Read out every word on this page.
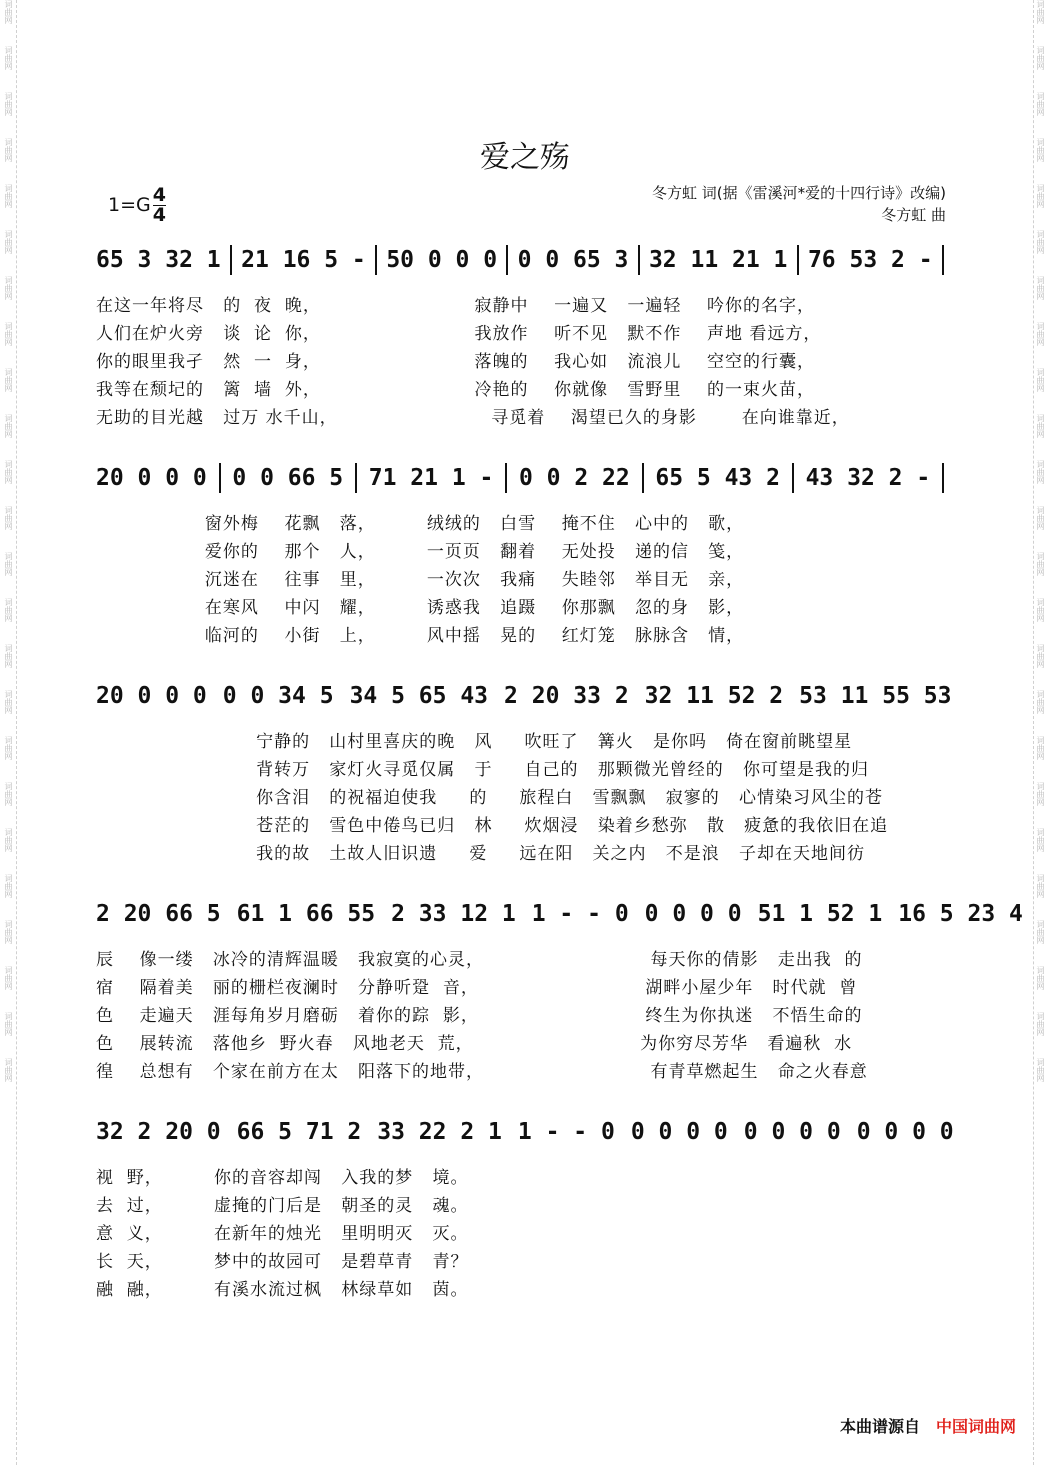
词曲网
词曲网
词曲网
词曲网
词曲网
词曲网
词曲网
词曲网
词曲网
词曲网
词曲网
词曲网
词曲网
词曲网
词曲网
词曲网
词曲网
词曲网
词曲网
词曲网
词曲网
词曲网
词曲网
词曲网
词曲网
词曲网
词曲网
词曲网
词曲网
词曲网
词曲网
词曲网
词曲网
词曲网
词曲网
词曲网
词曲网
词曲网
词曲网
词曲网
词曲网
词曲网
词曲网
词曲网
词曲网
词曲网
词曲网
词曲网
爱之殇
$1=G \frac{4}{4}$	冬方虹 词(据《雷溪河*爱的十四行诗》改编)
冬方虹 曲
65 3 32 1 21 16 5 - 50 0 0 0 0 0 65 3 32 11 21 1 76 53 2 -
在这一年将尽   的  夜  晚，                        寂静中    一遍又   一遍轻    吟你的名字，
人们在炉火旁   谈  论  你，                        我放作    听不见   默不作    声地 看远方，
你的眼里我孑   然  一  身，                        落魄的    我心如   流浪儿    空空的行囊，
我等在颓圮的   篱  墙  外，                        冷艳的    你就像   雪野里    的一束火苗，
无助的目光越   过万 水千山，                        寻觅着    渴望已久的身影       在向谁靠近，
20 0 0 0 0 0 66 5 71 21 1 - 0 0 2 22 65 5 43 2 43 32 2 -
窗外梅    花飘   落，        绒绒的   白雪    掩不住   心中的   歌，
爱你的    那个   人，        一页页   翻着    无处投   递的信   笺，
沉迷在    往事   里，        一次次   我痛    失睦邻   举目无   亲，
在寒风    中闪   耀，        诱惑我   追蹑    你那飘   忽的身   影，
临河的    小街   上，        风中摇   晃的    红灯笼   脉脉含   情，
20 0 0 0 0 0 34 5 34 5 65 43 2 20 33 2 32 11 52 2 53 11 55 53
宁静的   山村里喜庆的晚   风     吹旺了   篝火   是你吗   倚在窗前眺望星
背转万   家灯火寻觅仅属   于     自己的   那颗微光曾经的   你可望是我的归
你含泪   的祝福迫使我     的     旅程白   雪飘飘   寂寥的   心情染习风尘的苍
苍茫的   雪色中倦鸟已归   林     炊烟浸   染着乡愁弥   散   疲惫的我依旧在追
我的故   土故人旧识遗     爱     远在阳   关之内   不是浪   子却在天地间彷
2 20 66 5 61 1 66 55 2 33 12 1 1 - - 0 0 0 0 0 51 1 52 1 16 5 23 4
辰    像一缕   冰冷的清辉温暖   我寂寞的心灵，                          每天你的倩影   走出我  的
宿    隔着美   丽的栅栏夜澜时   分静听跫  音，                          湖畔小屋少年   时代就  曾
色    走遍天   涯每角岁月磨砺   着你的踪  影，                          终生为你执迷   不悟生命的
色    展转流   落他乡  野火春   风地老天  荒，                          为你穷尽芳华   看遍秋  水
徨    总想有   个家在前方在太   阳落下的地带，                          有青草燃起生   命之火春意
32 2 20 0 66 5 71 2 33 22 2 1 1 - - 0 0 0 0 0 0 0 0 0 0 0 0 0
视  野，        你的音容却闯   入我的梦   境。
去  过，        虚掩的门后是   朝圣的灵   魂。
意  义，        在新年的烛光   里明明灭   灭。
长  天，        梦中的故园可   是碧草青   青？
融  融，        有溪水流过枫   林绿草如   茵。
本曲谱源自 中国词曲网
